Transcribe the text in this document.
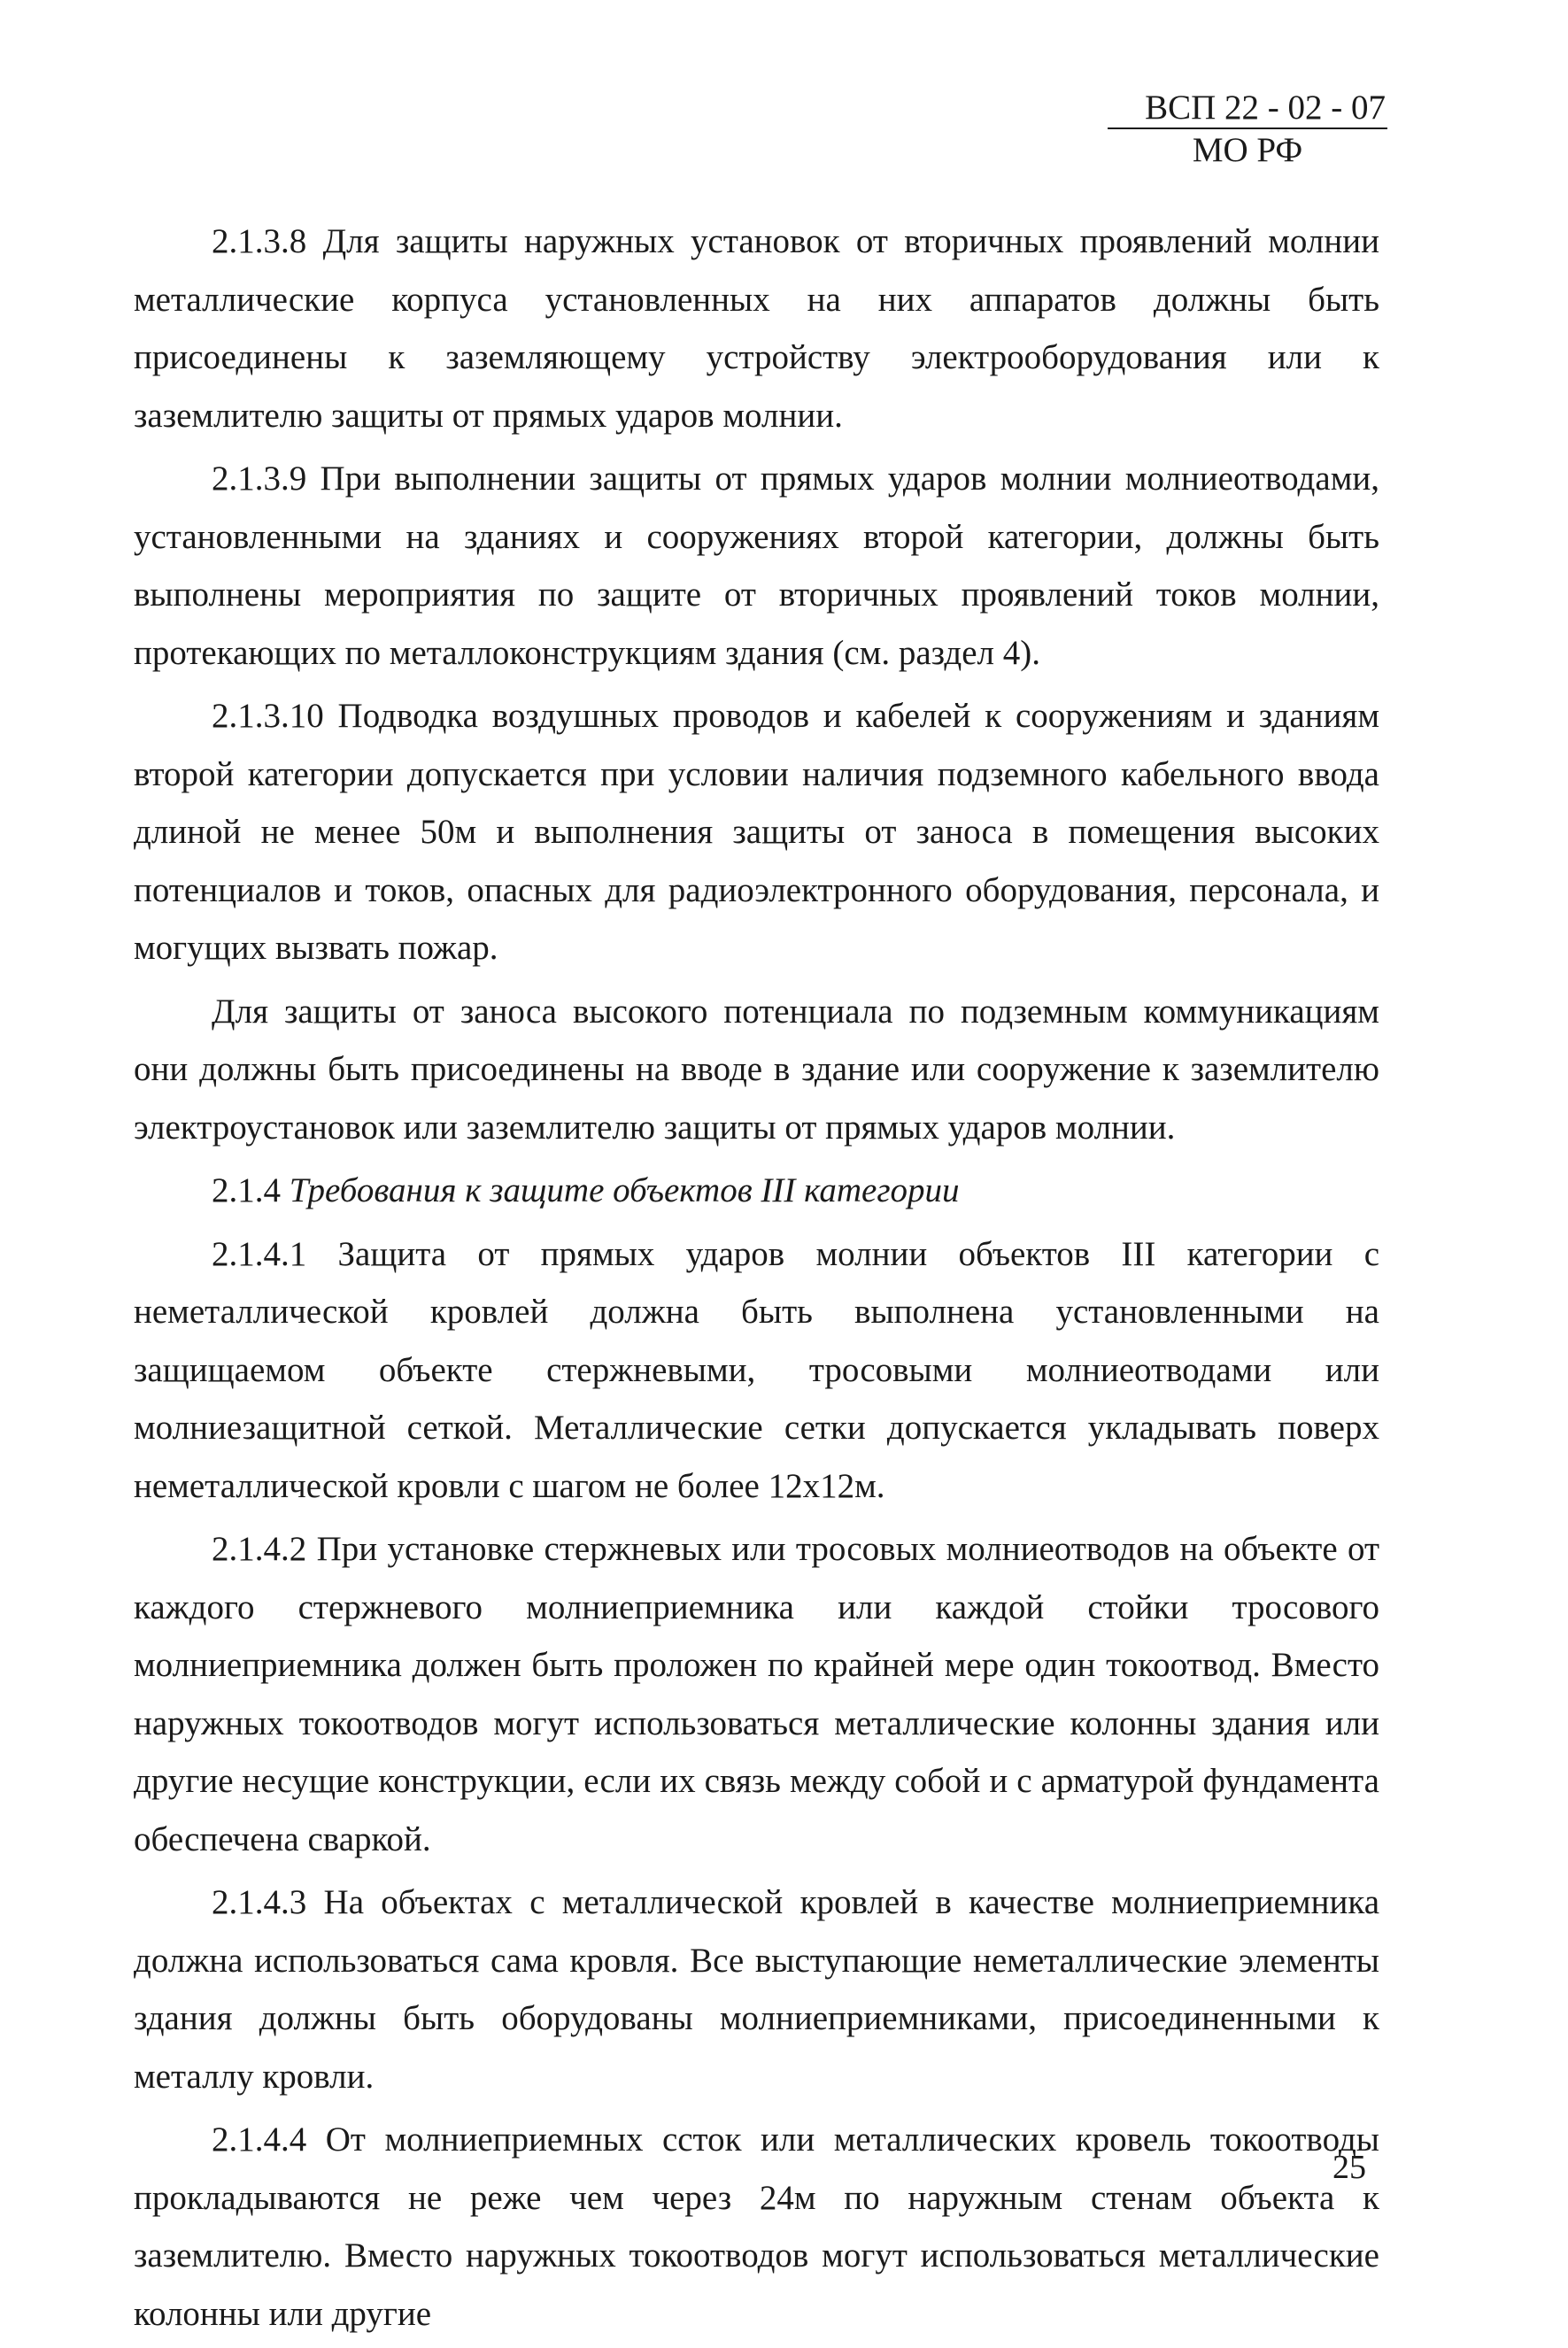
ВСП 22 - 02 - 07
МО РФ

2.1.3.8 Для защиты наружных установок от вторичных проявлений молнии металлические корпуса установленных на них аппаратов должны быть присоединены к заземляющему устройству электрооборудования или к заземлителю защиты от прямых ударов молнии.

2.1.3.9 При выполнении защиты от прямых ударов молнии молниеотводами, установленными на зданиях и сооружениях второй категории, должны быть выполнены мероприятия по защите от вторичных проявлений токов молнии, протекающих по металлоконструкциям здания (см. раздел 4).

2.1.3.10 Подводка воздушных проводов и кабелей к сооружениям и зданиям второй категории допускается при условии наличия подземного кабельного ввода длиной не менее 50м и выполнения защиты от заноса в помещения высоких потенциалов и токов, опасных для радиоэлектронного оборудования, персонала, и могущих вызвать пожар.

Для защиты от заноса высокого потенциала по подземным коммуникациям они должны быть присоединены на вводе в здание или сооружение к заземлителю электроустановок или заземлителю защиты от прямых ударов молнии.

2.1.4 Требования к защите объектов III категории

2.1.4.1 Защита от прямых ударов молнии объектов III категории с неметаллической кровлей должна быть выполнена установленными на защищаемом объекте стержневыми, тросовыми молниеотводами или молниезащитной сеткой. Металлические сетки допускается укладывать поверх неметаллической кровли с шагом не более 12х12м.

2.1.4.2 При установке стержневых или тросовых молниеотводов на объекте от каждого стержневого молниеприемника или каждой стойки тросового молниеприемника должен быть проложен по крайней мере один токоотвод. Вместо наружных токоотводов могут использоваться металлические колонны здания или другие несущие конструкции, если их связь между собой и с арматурой фундамента обеспечена сваркой.

2.1.4.3 На объектах с металлической кровлей в качестве молниеприемника должна использоваться сама кровля. Все выступающие неметаллические элементы здания должны быть оборудованы молниеприемниками, присоединенными к металлу кровли.

2.1.4.4 От молниеприемных ссток или металлических кровель токоотводы прокладываются не реже чем через 24м по наружным стенам объекта к заземлителю. Вместо наружных токоотводов могут использоваться металлические колонны или другие

25
